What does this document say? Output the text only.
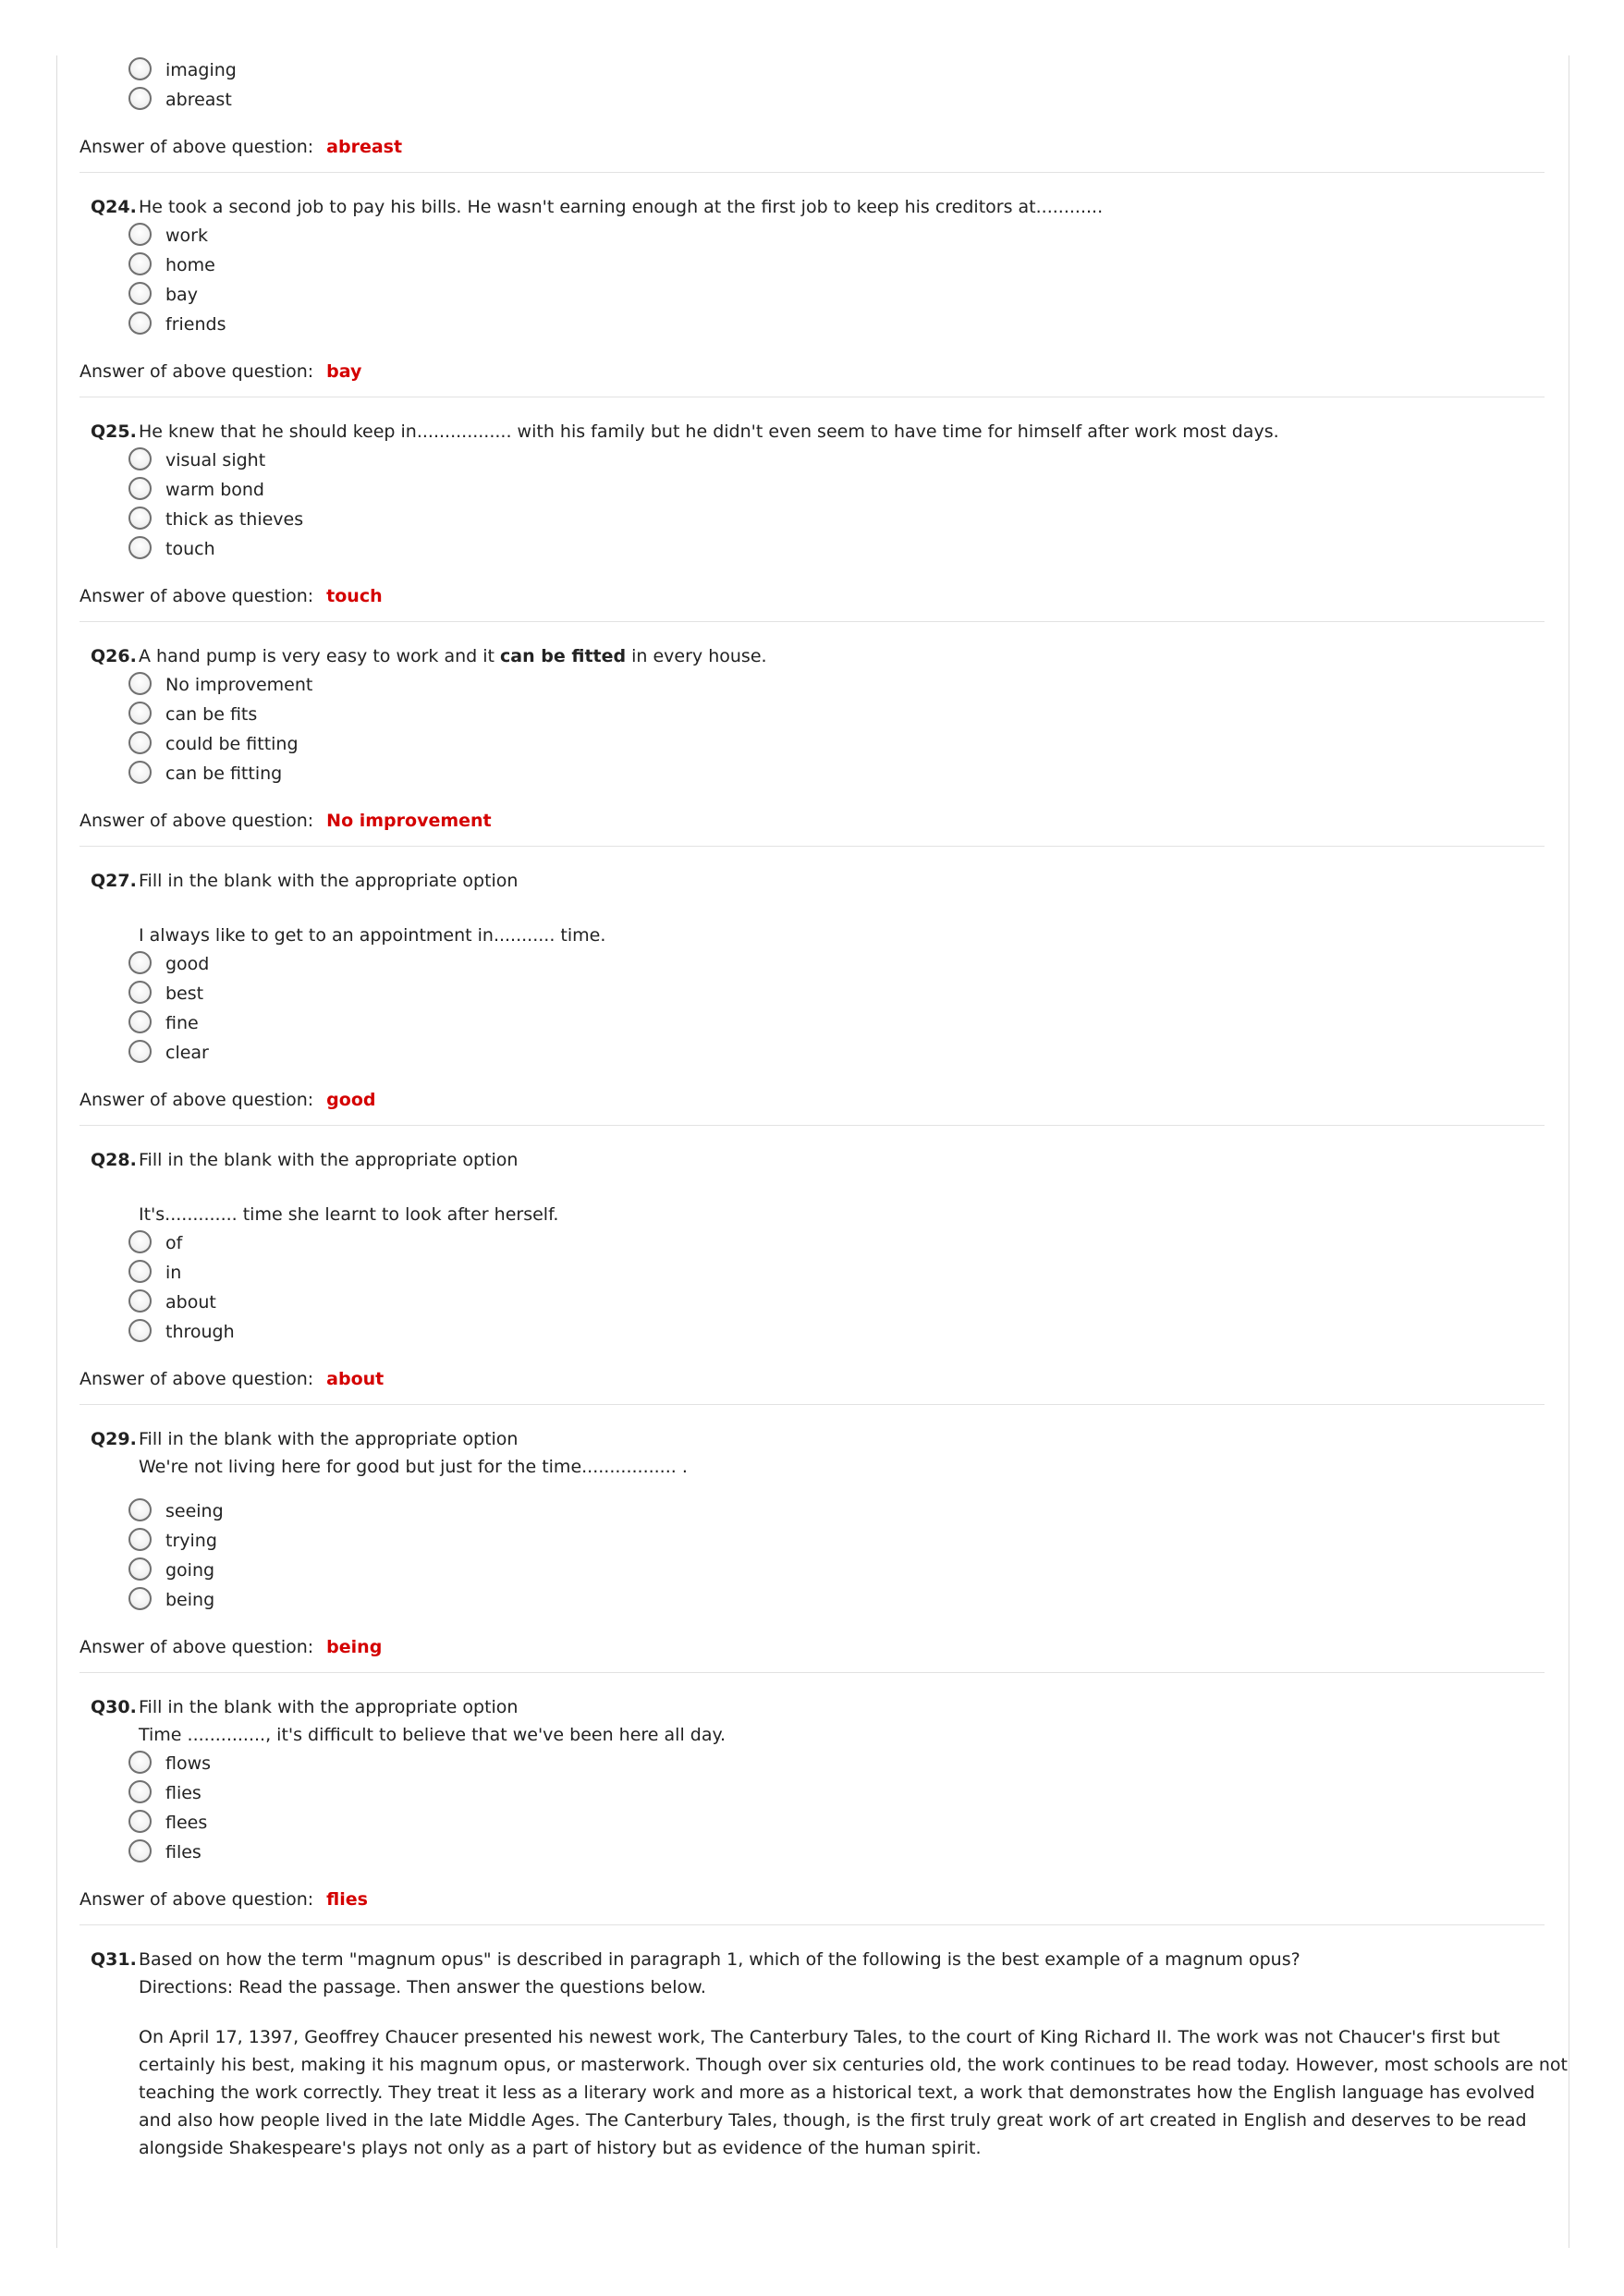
imaging
abreast
Answer of above question: abreast
Q24. He took a second job to pay his bills. He wasn't earning enough at the first job to keep his creditors at............
work
home
bay
friends
Answer of above question: bay
Q25. He knew that he should keep in................. with his family but he didn't even seem to have time for himself after work most days.
visual sight
warm bond
thick as thieves
touch
Answer of above question: touch
Q26. A hand pump is very easy to work and it can be fitted in every house.
No improvement
can be fits
could be fitting
can be fitting
Answer of above question: No improvement
Q27. Fill in the blank with the appropriate option
I always like to get to an appointment in........... time.
good
best
fine
clear
Answer of above question: good
Q28. Fill in the blank with the appropriate option
It's............. time she learnt to look after herself.
of
in
about
through
Answer of above question: about
Q29. Fill in the blank with the appropriate option
We're not living here for good but just for the time................. .
seeing
trying
going
being
Answer of above question: being
Q30. Fill in the blank with the appropriate option
Time .............., it's difficult to believe that we've been here all day.
flows
flies
flees
files
Answer of above question: flies
Q31. Based on how the term "magnum opus" is described in paragraph 1, which of the following is the best example of a magnum opus?
Directions: Read the passage. Then answer the questions below.
On April 17, 1397, Geoffrey Chaucer presented his newest work, The Canterbury Tales, to the court of King Richard II. The work was not Chaucer's first but certainly his best, making it his magnum opus, or masterwork. Though over six centuries old, the work continues to be read today. However, most schools are not teaching the work correctly. They treat it less as a literary work and more as a historical text, a work that demonstrates how the English language has evolved and also how people lived in the late Middle Ages. The Canterbury Tales, though, is the first truly great work of art created in English and deserves to be read alongside Shakespeare's plays not only as a part of history but as evidence of the human spirit.
